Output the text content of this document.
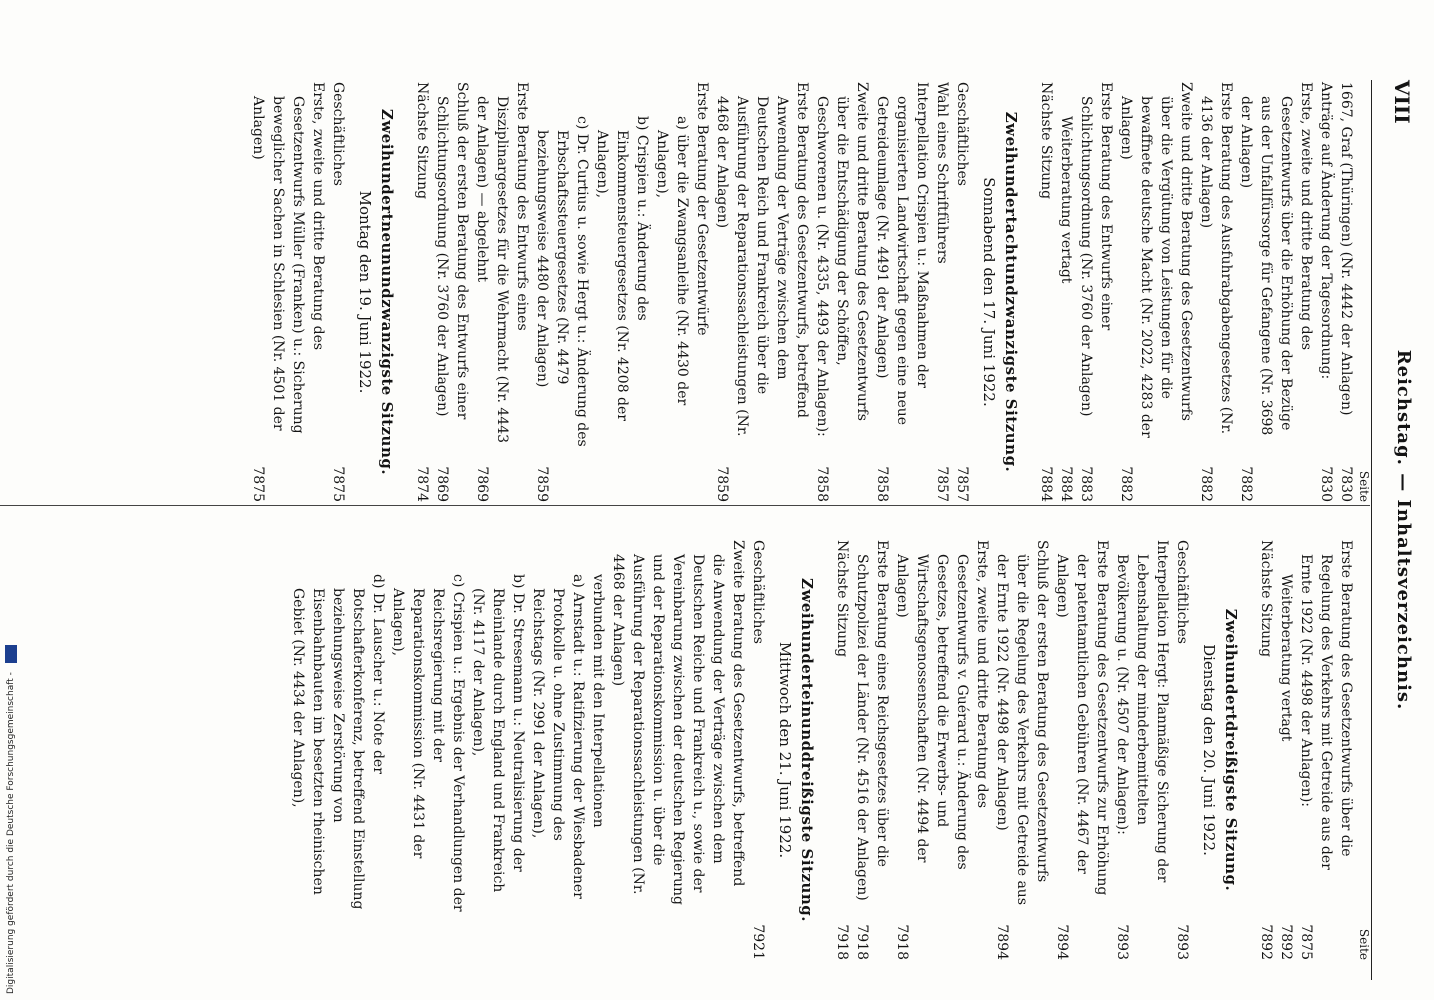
VIII
Reichstag. — Inhaltsverzeichnis.
Seite
1667, Graf (Thüringen) (Nr. 4442 der Anlagen)
7830
Anträge auf Änderung der Tagesordnung:
7830
Erste, zweite und dritte Beratung des Gesetzentwurfs über die Erhöhung der Bezüge aus der Unfallfürsorge für Gefangene (Nr. 3698 der Anlagen)
7882
Erste Beratung des Ausfuhrabgabengesetzes (Nr. 4136 der Anlagen)
7882
Zweite und dritte Beratung des Gesetzentwurfs über die Vergütung von Leistungen für die bewaffnete deutsche Macht (Nr. 2022, 4283 der Anlagen)
7882
Erste Beratung des Entwurfs einer Schlichtungsordnung (Nr. 3760 der Anlagen)
7883
Weiterberatung vertagt
7884
Nächste Sitzung
7884
Zweihundertachtundzwanzigste Sitzung.
Sonnabend den 17. Juni 1922.
Geschäftliches
7857
Wahl eines Schriftführers
7857
Interpellation Crispien u.: Maßnahmen der organisierten Landwirtschaft gegen eine neue Getreideumlage (Nr. 4491 der Anlagen)
7858
Zweite und dritte Beratung des Gesetzentwurfs über die Entschädigung der Schöffen, Geschworenen u. (Nr. 4335, 4493 der Anlagen):
7858
Erste Beratung des Gesetzentwurfs, betreffend Anwendung der Verträge zwischen dem Deutschen Reich und Frankreich über die Ausführung der Reparationssachleistungen (Nr. 4468 der Anlagen)
7859
Erste Beratung der Gesetzentwürfe
a) über die Zwangsanleihe (Nr. 4430 der Anlagen),
b) Crispien u.: Änderung des Einkommensteuergesetzes (Nr. 4208 der Anlagen),
c) Dr. Curtius u. sowie Hergt u.: Änderung des Erbschaftssteuergesetzes (Nr. 4479 beziehungsweise 4480 der Anlagen)
7859
Erste Beratung des Entwurfs eines Disziplinargesetzes für die Wehrmacht (Nr. 4443 der Anlagen) — abgelehnt
7869
Schluß der ersten Beratung des Entwurfs einer Schlichtungsordnung (Nr. 3760 der Anlagen)
7869
Nächste Sitzung
7874
Zweihundertneunundzwanzigste Sitzung.
Montag den 19. Juni 1922.
Geschäftliches
7875
Erste, zweite und dritte Beratung des Gesetzentwurfs Müller (Franken) u.: Sicherung beweglicher Sachen in Schlesien (Nr. 4501 der Anlagen)
7875
Seite
Erste Beratung des Gesetzentwurfs über die Regelung des Verkehrs mit Getreide aus der Ernte 1922 (Nr. 4498 der Anlagen):
7875
Weiterberatung vertagt
7892
Nächste Sitzung
7892
Zweihundertdreißigste Sitzung.
Dienstag den 20. Juni 1922.
Geschäftliches
7893
Interpellation Hergt: Planmäßige Sicherung der Lebenshaltung der minderbemittelten Bevölkerung u. (Nr. 4507 der Anlagen):
7893
Erste Beratung des Gesetzentwurfs zur Erhöhung der patentamtlichen Gebühren (Nr. 4467 der Anlagen)
7894
Schluß der ersten Beratung des Gesetzentwurfs über die Regelung des Verkehrs mit Getreide aus der Ernte 1922 (Nr. 4498 der Anlagen)
7894
Erste, zweite und dritte Beratung des Gesetzentwurfs v. Guérard u.: Änderung des Gesetzes, betreffend die Erwerbs- und Wirtschaftsgenossenschaften (Nr. 4494 der Anlagen)
7918
Erste Beratung eines Reichsgesetzes über die Schutzpolizei der Länder (Nr. 4516 der Anlagen)
7918
Nächste Sitzung
7918
Zweihunderteinunddreißigste Sitzung.
Mittwoch den 21. Juni 1922.
Geschäftliches
7921
Zweite Beratung des Gesetzentwurfs, betreffend die Anwendung der Verträge zwischen dem Deutschen Reiche und Frankreich u., sowie der Vereinbarung zwischen der deutschen Regierung und der Reparationskommission u. über die Ausführung der Reparationssachleistungen (Nr. 4468 der Anlagen)
verbunden mit den Interpellationen
a) Arnstadt u.: Ratifizierung der Wiesbadener Protokolle u. ohne Zustimmung des Reichstags (Nr. 2991 der Anlagen),
b) Dr. Stresemann u.: Neutralisierung der Rheinlande durch England und Frankreich (Nr. 4117 der Anlagen),
c) Crispien u.: Ergebnis der Verhandlungen der Reichsregierung mit der Reparationskommission (Nr. 4431 der Anlagen),
d) Dr. Lauscher u.: Note der Botschafterkonferenz, betreffend Einstellung beziehungsweise Zerstörung von Eisenbahnbauten im besetzten rheinischen Gebiet (Nr. 4434 der Anlagen),
Digitalisierung gefördert durch die Deutsche Forschungsgemeinschaft -
